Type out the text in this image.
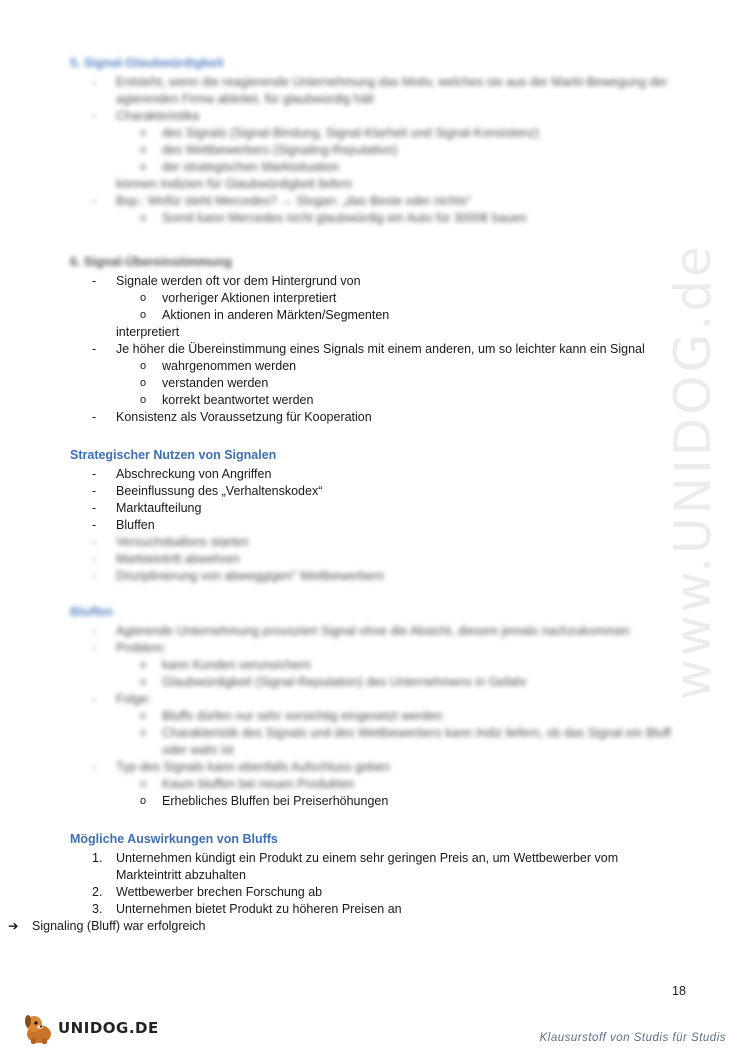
www.UNIDOG.de
5. Signal-Glaubwürdigkeit
- Entsteht, wenn die reagierende Unternehmung das Motiv, welches sie aus der Markt-Bewegung der
agierenden Firma ableitet, für glaubwürdig hält
- Charakteristika
o des Signals (Signal-Bindung, Signal-Klarheit und Signal-Konsistenz)
o des Wettbewerbers (Signaling-Reputation)
o der strategischen Marktsituation
können Indizien für Glaubwürdigkeit liefern
- Bsp.: Wofür steht Mercedes? → Slogan: „das Beste oder nichts“
o Somit kann Mercedes nicht glaubwürdig ein Auto für 3000€ bauen
6. Signal-Übereinstimmung
- Signale werden oft vor dem Hintergrund von
o vorheriger Aktionen interpretiert
o Aktionen in anderen Märkten/Segmenten
interpretiert
- Je höher die Übereinstimmung eines Signals mit einem anderen, um so leichter kann ein Signal
o wahrgenommen werden
o verstanden werden
o korrekt beantwortet werden
- Konsistenz als Voraussetzung für Kooperation
Strategischer Nutzen von Signalen
- Abschreckung von Angriffen
- Beeinflussung des „Verhaltenskodex“
- Marktaufteilung
- Bluffen
- Versuchsballons starten
- Markteintritt abwehren
- Disziplinierung von abweggigen" Wettbewerbern
Bluffen
- Agierende Unternehmung provoziert Signal ohne die Absicht, diesem jemals nachzukommen
- Problem:
o kann Kunden verunsichern
o Glaubwürdigkeit (Signal-Reputation) des Unternehmens in Gefahr
- Folge:
o Bluffs dürfen nur sehr vorsichtig eingesetzt werden
o Charakteristik des Signals und des Wettbewerbers kann Indiz liefern, ob das Signal ein Bluff
oder wahr ist
- Typ des Signals kann ebenfalls Aufschluss geben
o Kaum bluffen bei neuen Produkten
o Erhebliches Bluffen bei Preiserhöhungen
Mögliche Auswirkungen von Bluffs
1. Unternehmen kündigt ein Produkt zu einem sehr geringen Preis an, um Wettbewerber vom
Markteintritt abzuhalten
2. Wettbewerber brechen Forschung ab
3. Unternehmen bietet Produkt zu höheren Preisen an
➔ Signaling (Bluff) war erfolgreich
18
UNIDOG.DE
Klausurstoff von Studis für Studis
